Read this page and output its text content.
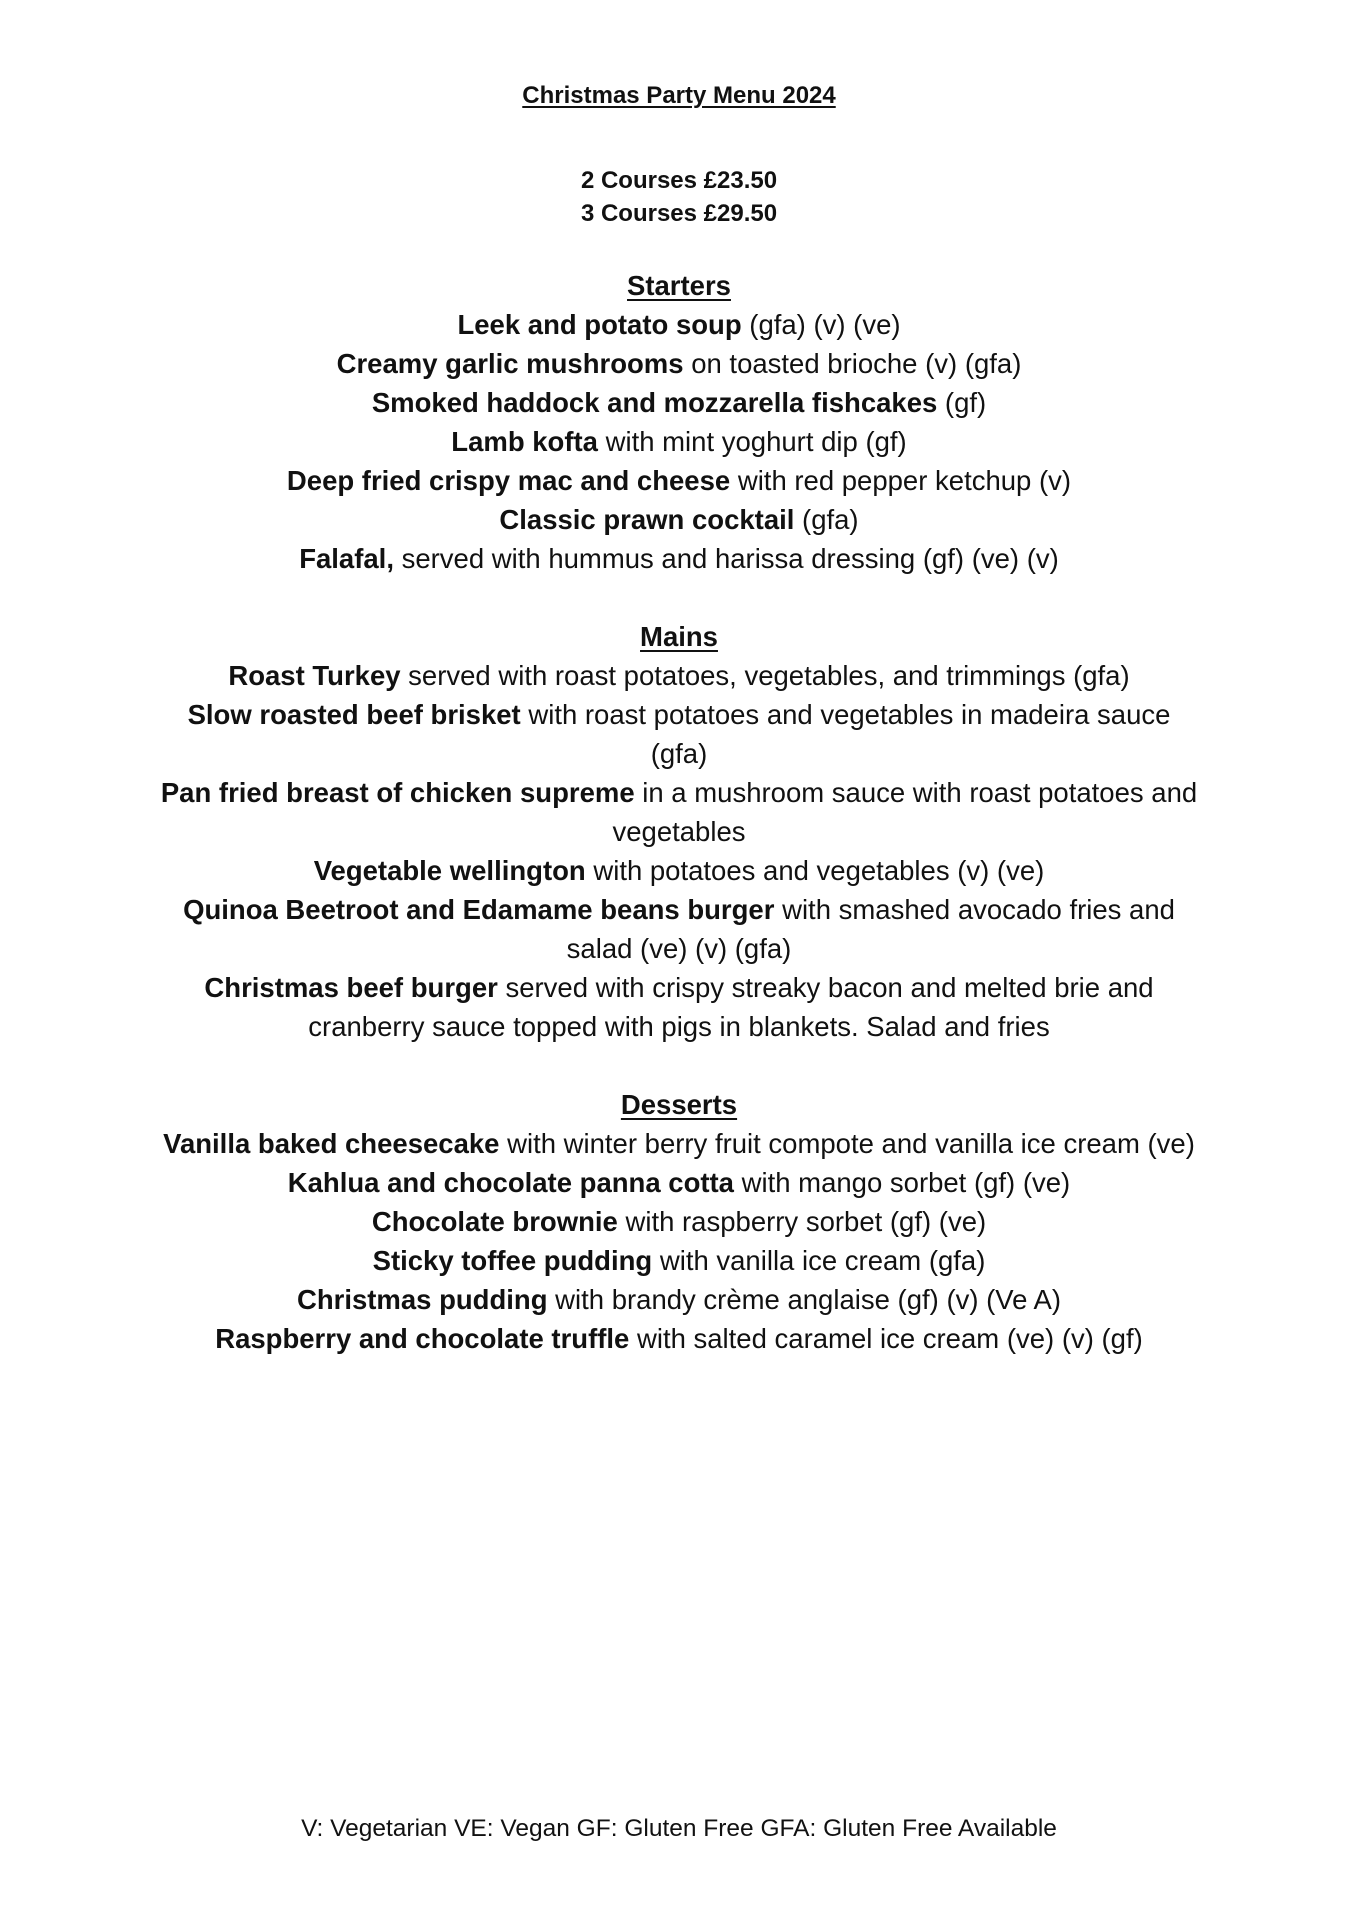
Christmas Party Menu 2024
2 Courses £23.50
3 Courses £29.50
Starters
Leek and potato soup (gfa) (v) (ve)
Creamy garlic mushrooms on toasted brioche (v) (gfa)
Smoked haddock and mozzarella fishcakes (gf)
Lamb kofta with mint yoghurt dip (gf)
Deep fried crispy mac and cheese with red pepper ketchup (v)
Classic prawn cocktail (gfa)
Falafal, served with hummus and harissa dressing (gf) (ve) (v)
Mains
Roast Turkey served with roast potatoes, vegetables, and trimmings (gfa)
Slow roasted beef brisket with roast potatoes and vegetables in madeira sauce (gfa)
Pan fried breast of chicken supreme in a mushroom sauce with roast potatoes and vegetables
Vegetable wellington with potatoes and vegetables (v) (ve)
Quinoa Beetroot and Edamame beans burger with smashed avocado fries and salad (ve) (v) (gfa)
Christmas beef burger served with crispy streaky bacon and melted brie and cranberry sauce topped with pigs in blankets. Salad and fries
Desserts
Vanilla baked cheesecake with winter berry fruit compote and vanilla ice cream (ve)
Kahlua and chocolate panna cotta with mango sorbet (gf) (ve)
Chocolate brownie with raspberry sorbet (gf) (ve)
Sticky toffee pudding with vanilla ice cream (gfa)
Christmas pudding with brandy crème anglaise (gf) (v) (Ve A)
Raspberry and chocolate truffle with salted caramel ice cream (ve) (v) (gf)
V: Vegetarian VE: Vegan GF: Gluten Free GFA: Gluten Free Available
